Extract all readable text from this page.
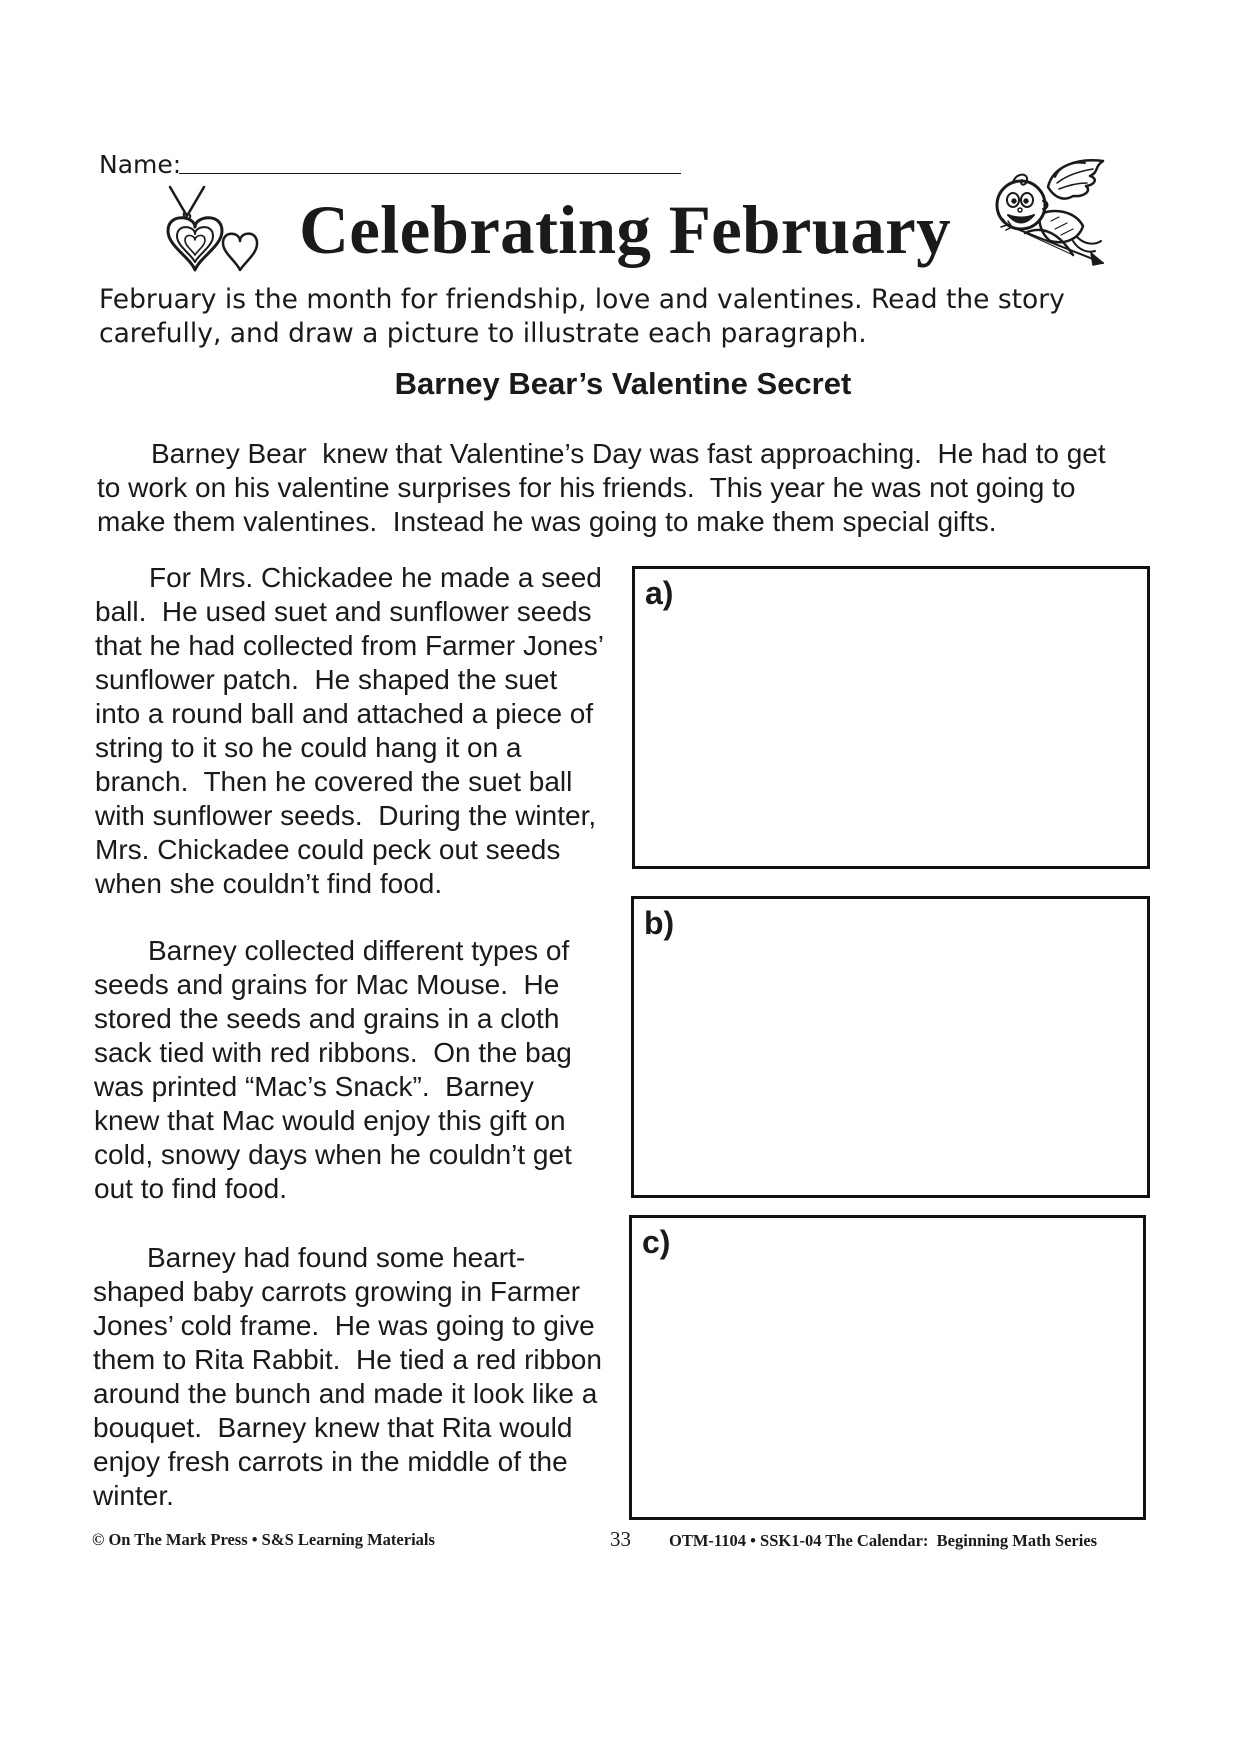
Name:
Celebrating February
February is the month for friendship, love and valentines. Read the story
carefully, and draw a picture to illustrate each paragraph.
Barney Bear’s Valentine Secret
Barney Bear  knew that Valentine’s Day was fast approaching.  He had to get
to work on his valentine surprises for his friends.  This year he was not going to
make them valentines.  Instead he was going to make them special gifts.
For Mrs. Chickadee he made a seed
ball.  He used suet and sunflower seeds
that he had collected from Farmer Jones’
sunflower patch.  He shaped the suet
into a round ball and attached a piece of
string to it so he could hang it on a
branch.  Then he covered the suet ball
with sunflower seeds.  During the winter,
Mrs. Chickadee could peck out seeds
when she couldn’t find food.
Barney collected different types of
seeds and grains for Mac Mouse.  He
stored the seeds and grains in a cloth
sack tied with red ribbons.  On the bag
was printed “Mac’s Snack”.  Barney
knew that Mac would enjoy this gift on
cold, snowy days when he couldn’t get
out to find food.
Barney had found some heart-
shaped baby carrots growing in Farmer
Jones’ cold frame.  He was going to give
them to Rita Rabbit.  He tied a red ribbon
around the bunch and made it look like a
bouquet.  Barney knew that Rita would
enjoy fresh carrots in the middle of the
winter.
a)
b)
c)
© On The Mark Press • S&S Learning Materials	33 OTM-1104 • SSK1-04 The Calendar:  Beginning Math Series
